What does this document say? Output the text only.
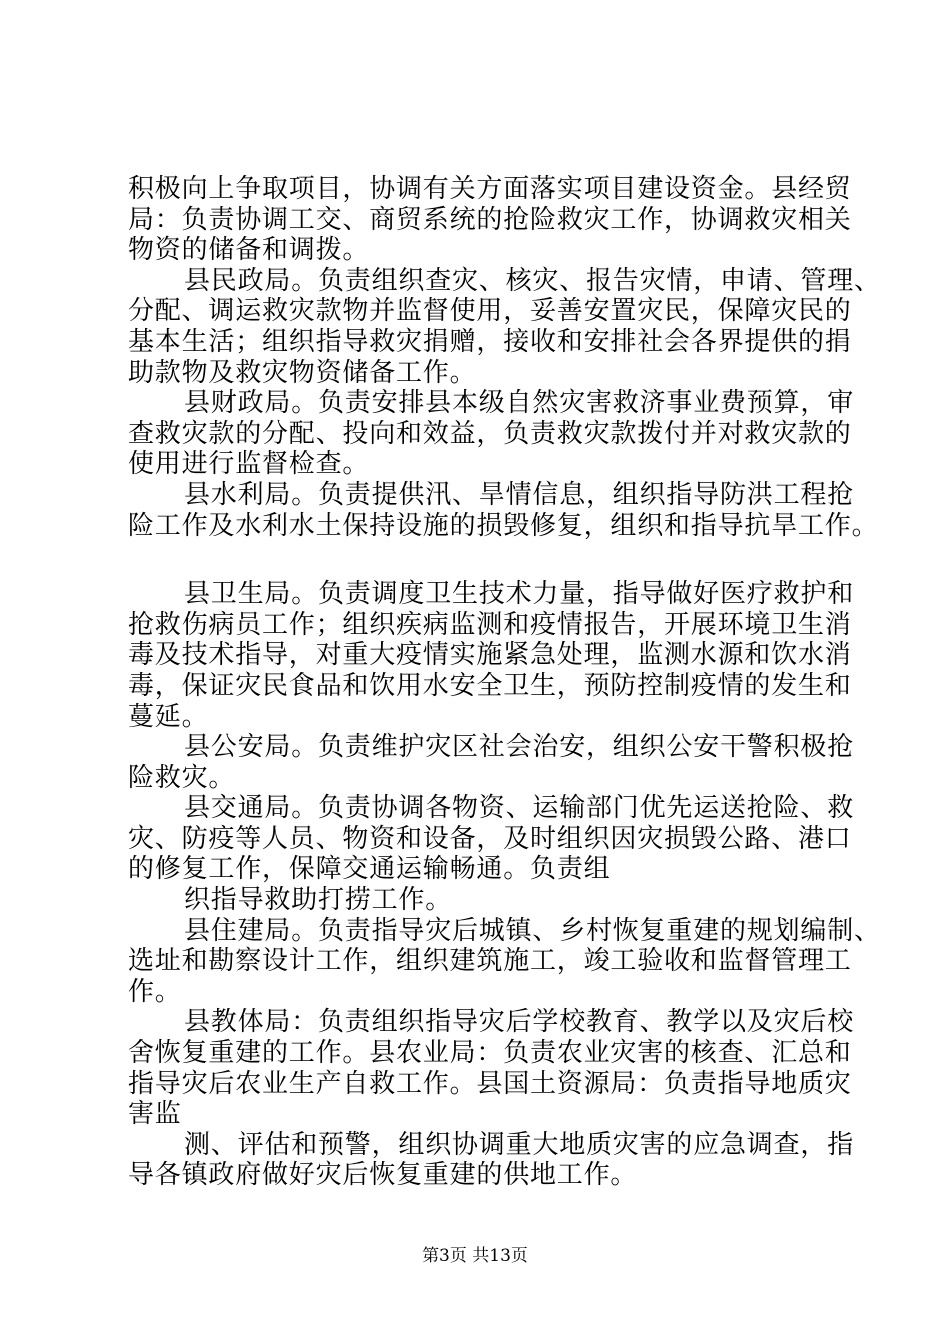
积极向上争取项目，协调有关方面落实项目建设资金。县经贸
局：负责协调工交、商贸系统的抢险救灾工作，协调救灾相关
物资的储备和调拨。
县民政局。负责组织查灾、核灾、报告灾情，申请、管理、
分配、调运救灾款物并监督使用，妥善安置灾民，保障灾民的
基本生活；组织指导救灾捐赠，接收和安排社会各界提供的捐
助款物及救灾物资储备工作。
县财政局。负责安排县本级自然灾害救济事业费预算，审
查救灾款的分配、投向和效益，负责救灾款拨付并对救灾款的
使用进行监督检查。
县水利局。负责提供汛、旱情信息，组织指导防洪工程抢
险工作及水利水土保持设施的损毁修复，组织和指导抗旱工作。
县卫生局。负责调度卫生技术力量，指导做好医疗救护和
抢救伤病员工作；组织疾病监测和疫情报告，开展环境卫生消
毒及技术指导，对重大疫情实施紧急处理，监测水源和饮水消
毒，保证灾民食品和饮用水安全卫生，预防控制疫情的发生和
蔓延。
县公安局。负责维护灾区社会治安，组织公安干警积极抢
险救灾。
县交通局。负责协调各物资、运输部门优先运送抢险、救
灾、防疫等人员、物资和设备，及时组织因灾损毁公路、港口
的修复工作，保障交通运输畅通。负责组
织指导救助打捞工作。
县住建局。负责指导灾后城镇、乡村恢复重建的规划编制、
选址和勘察设计工作，组织建筑施工，竣工验收和监督管理工
作。
县教体局：负责组织指导灾后学校教育、教学以及灾后校
舍恢复重建的工作。县农业局：负责农业灾害的核查、汇总和
指导灾后农业生产自救工作。县国土资源局：负责指导地质灾
害监
测、评估和预警，组织协调重大地质灾害的应急调查，指
导各镇政府做好灾后恢复重建的供地工作。
第3页 共13页
